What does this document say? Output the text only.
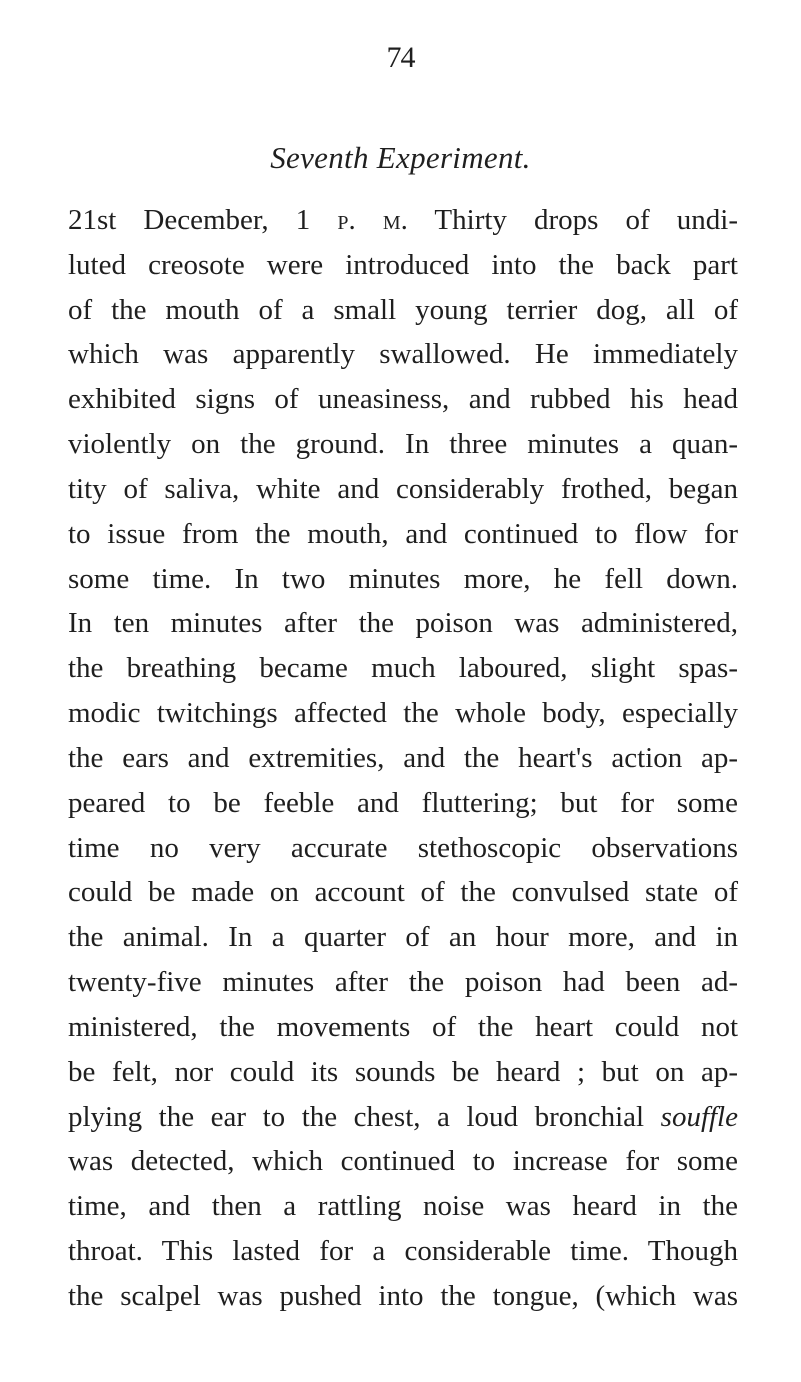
74
Seventh Experiment.
21st December, 1 p. m. Thirty drops of undi-
luted creosote were introduced into the back part
of the mouth of a small young terrier dog, all of
which was apparently swallowed. He immediately
exhibited signs of uneasiness, and rubbed his head
violently on the ground. In three minutes a quan-
tity of saliva, white and considerably frothed, began
to issue from the mouth, and continued to flow for
some time. In two minutes more, he fell down.
In ten minutes after the poison was administered,
the breathing became much laboured, slight spas-
modic twitchings affected the whole body, especially
the ears and extremities, and the heart's action ap-
peared to be feeble and fluttering; but for some
time no very accurate stethoscopic observations
could be made on account of the convulsed state of
the animal. In a quarter of an hour more, and in
twenty-five minutes after the poison had been ad-
ministered, the movements of the heart could not
be felt, nor could its sounds be heard ; but on ap-
plying the ear to the chest, a loud bronchial souffle
was detected, which continued to increase for some
time, and then a rattling noise was heard in the
throat. This lasted for a considerable time. Though
the scalpel was pushed into the tongue, (which was
